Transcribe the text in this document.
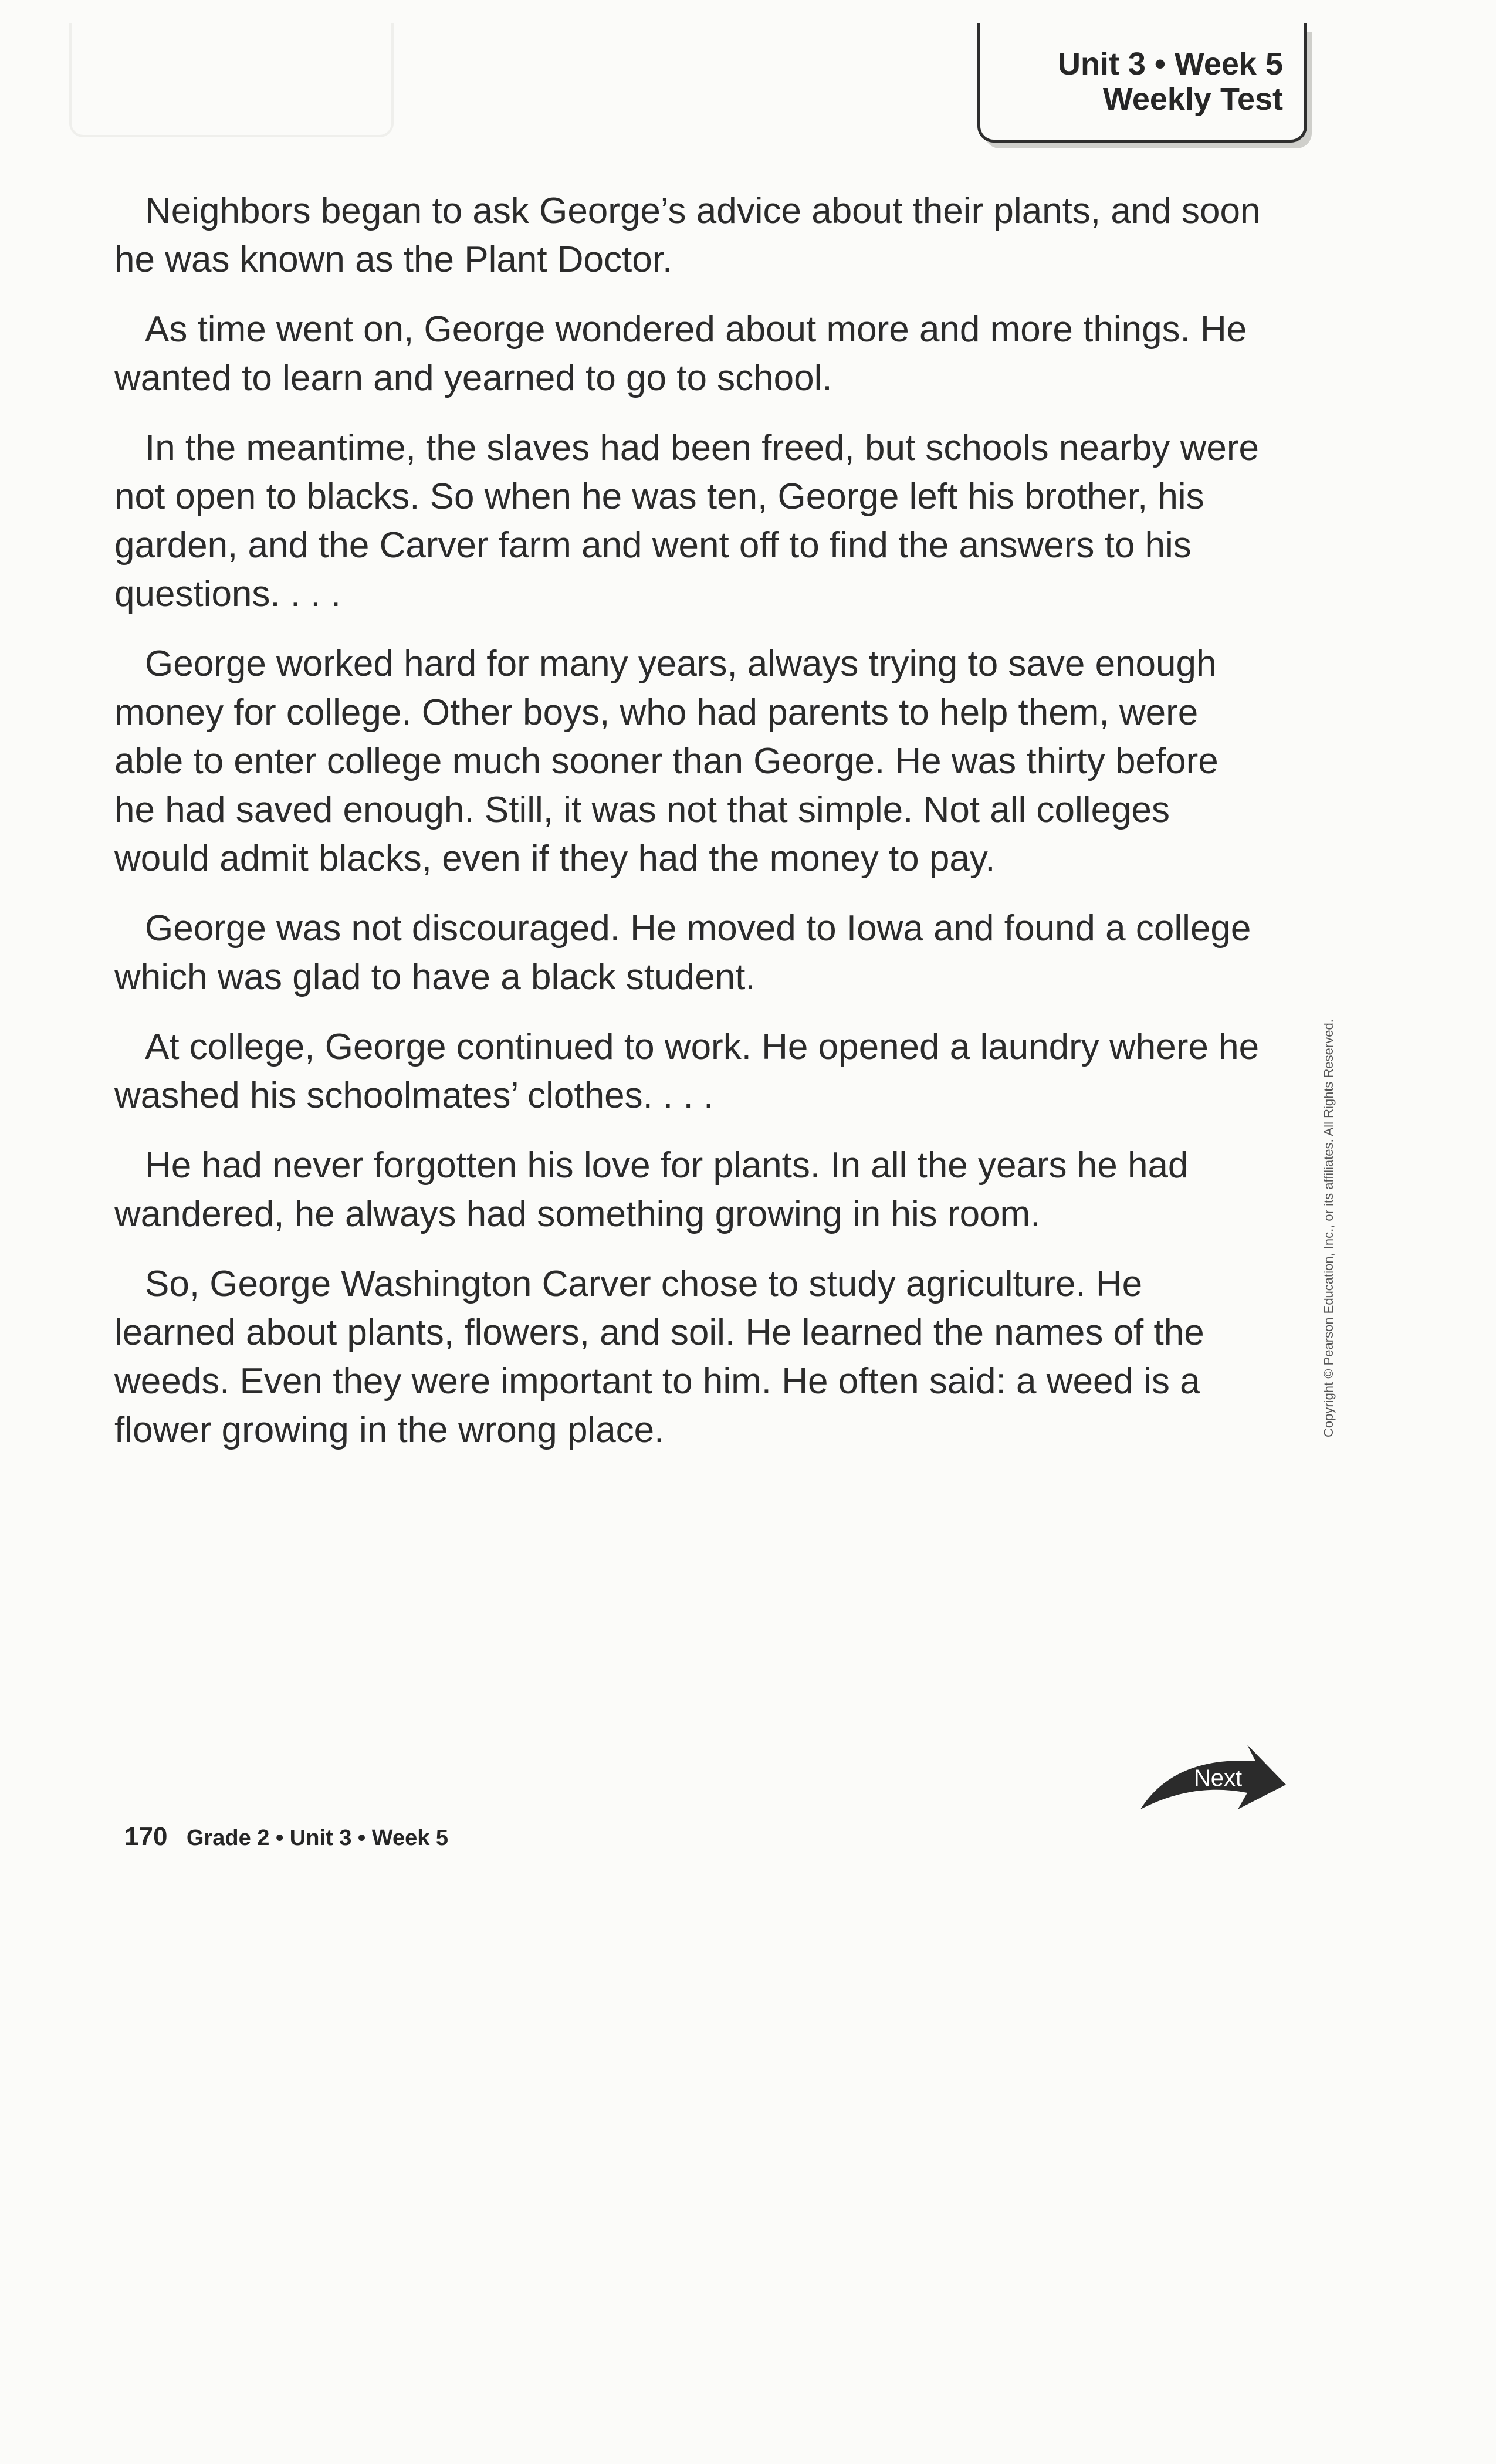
Unit 3 • Week 5
Weekly Test

Neighbors began to ask George’s advice about their plants, and soon he was known as the Plant Doctor.

As time went on, George wondered about more and more things. He wanted to learn and yearned to go to school.

In the meantime, the slaves had been freed, but schools nearby were not open to blacks. So when he was ten, George left his brother, his garden, and the Carver farm and went off to find the answers to his questions. . . .

George worked hard for many years, always trying to save enough money for college. Other boys, who had parents to help them, were able to enter college much sooner than George. He was thirty before he had saved enough. Still, it was not that simple. Not all colleges would admit blacks, even if they had the money to pay.

George was not discouraged. He moved to Iowa and found a college which was glad to have a black student.

At college, George continued to work. He opened a laundry where he washed his schoolmates’ clothes. . . .

He had never forgotten his love for plants. In all the years he had wandered, he always had something growing in his room.

So, George Washington Carver chose to study agriculture. He learned about plants, flowers, and soil. He learned the names of the weeds. Even they were important to him. He often said: a weed is a flower growing in the wrong place.	Copyright © Pearson Education, Inc., or its affiliates. All Rights Reserved.
Next
170 Grade 2 • Unit 3 • Week 5
